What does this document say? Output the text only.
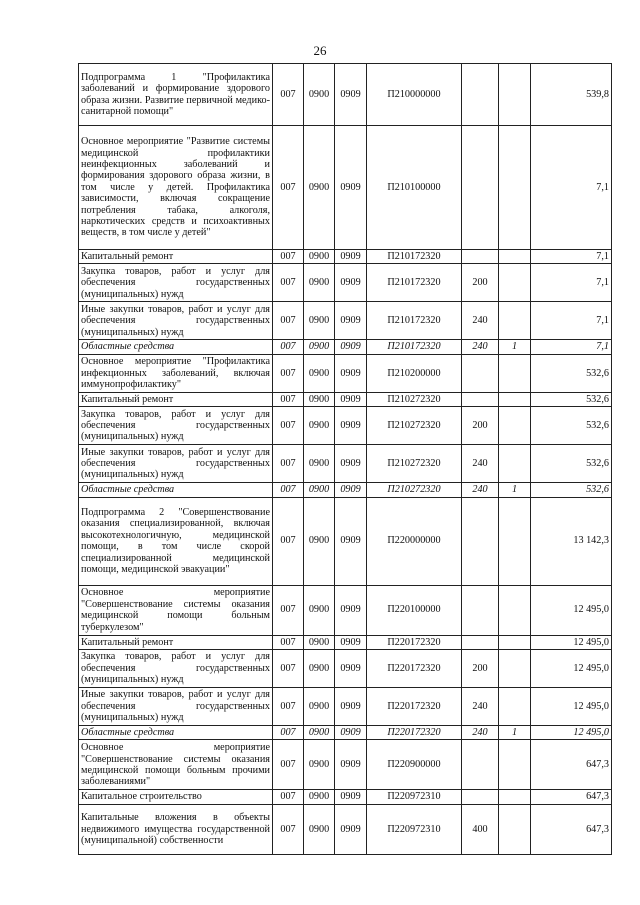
26
Подпрограмма 1 "Профилактика заболеваний и формирование здорового образа жизни. Развитие первичной медико-санитарной помощи"	007	0900	0909	П210000000			539,8
Основное мероприятие "Развитие системы медицинской профилактики неинфекционных заболеваний и формирования здорового образа жизни, в том числе у детей. Профилактика зависимости, включая сокращение потребления табака, алкоголя, наркотических средств и психоактивных веществ, в том числе у детей"	007	0900	0909	П210100000			7,1
Капитальный ремонт	007	0900	0909	П210172320			7,1
Закупка товаров, работ и услуг для обеспечения государственных (муниципальных) нужд	007	0900	0909	П210172320	200		7,1
Иные закупки товаров, работ и услуг для обеспечения государственных (муниципальных) нужд	007	0900	0909	П210172320	240		7,1
Областные средства	007	0900	0909	П210172320	240	1	7,1
Основное мероприятие "Профилактика инфекционных заболеваний, включая иммунопрофилактику"	007	0900	0909	П210200000			532,6
Капитальный ремонт	007	0900	0909	П210272320			532,6
Закупка товаров, работ и услуг для обеспечения государственных (муниципальных) нужд	007	0900	0909	П210272320	200		532,6
Иные закупки товаров, работ и услуг для обеспечения государственных (муниципальных) нужд	007	0900	0909	П210272320	240		532,6
Областные средства	007	0900	0909	П210272320	240	1	532,6
Подпрограмма 2 "Совершенствование оказания специализированной, включая высокотехнологичную, медицинской помощи, в том числе скорой специализированной медицинской помощи, медицинской эвакуации"	007	0900	0909	П220000000			13 142,3
Основное мероприятие "Совершенствование системы оказания медицинской помощи больным туберкулезом"	007	0900	0909	П220100000			12 495,0
Капитальный ремонт	007	0900	0909	П220172320			12 495,0
Закупка товаров, работ и услуг для обеспечения государственных (муниципальных) нужд	007	0900	0909	П220172320	200		12 495,0
Иные закупки товаров, работ и услуг для обеспечения государственных (муниципальных) нужд	007	0900	0909	П220172320	240		12 495,0
Областные средства	007	0900	0909	П220172320	240	1	12 495,0
Основное мероприятие "Совершенствование системы оказания медицинской помощи больным прочими заболеваниями"	007	0900	0909	П220900000			647,3
Капитальное строительство	007	0900	0909	П220972310			647,3
Капитальные вложения в объекты недвижимого имущества государственной (муниципальной) собственности	007	0900	0909	П220972310	400		647,3
